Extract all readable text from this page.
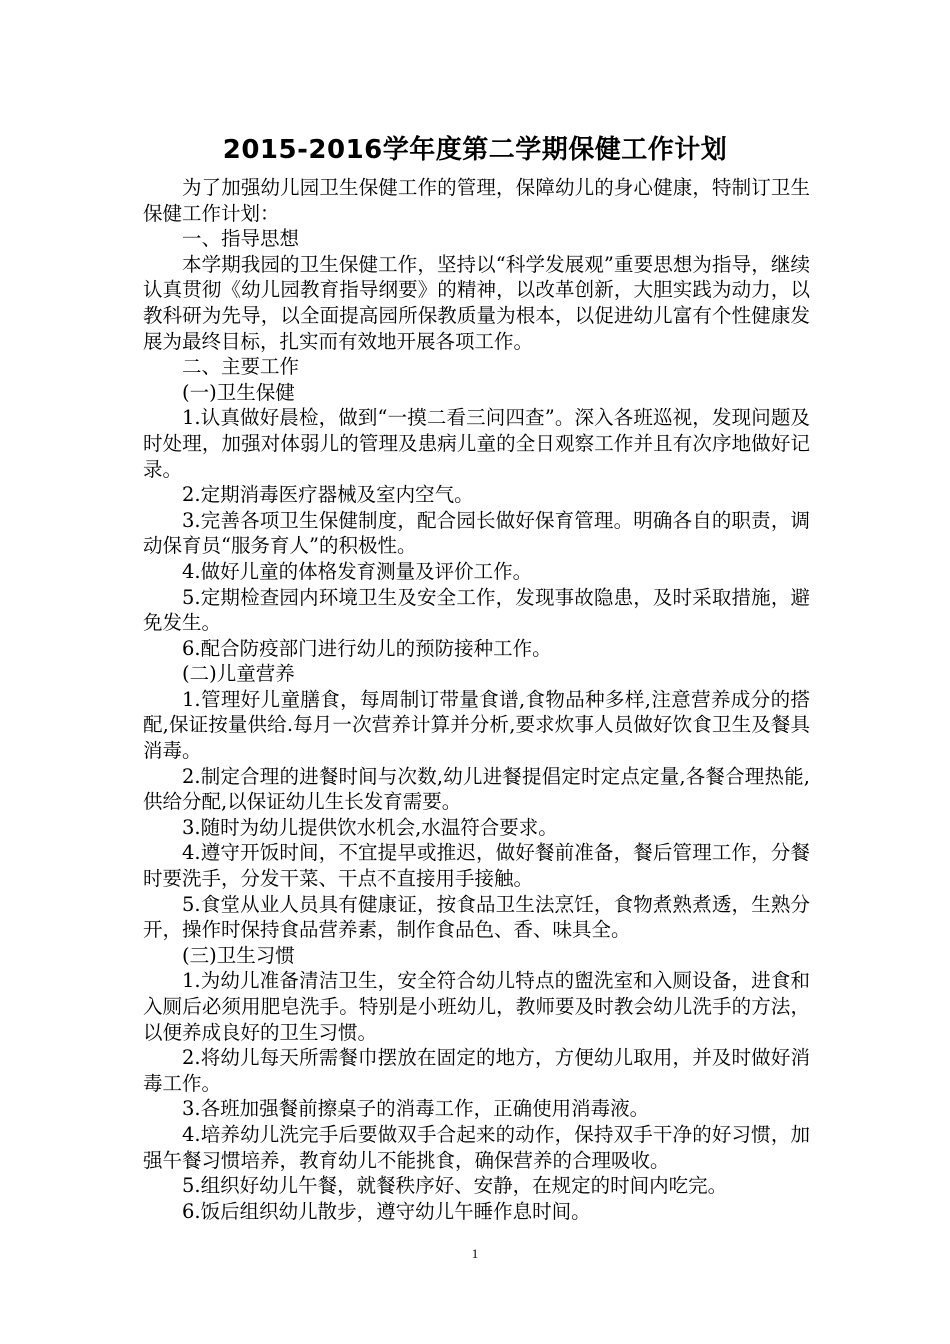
2015-2016学年度第二学期保健工作计划

为了加强幼儿园卫生保健工作的管理，保障幼儿的身心健康，特制订卫生保健工作计划：

一、指导思想

本学期我园的卫生保健工作，坚持以“科学发展观”重要思想为指导，继续认真贯彻《幼儿园教育指导纲要》的精神，以改革创新，大胆实践为动力，以教科研为先导，以全面提高园所保教质量为根本，以促进幼儿富有个性健康发展为最终目标，扎实而有效地开展各项工作。

二、主要工作

(一)卫生保健

1.认真做好晨检，做到“一摸二看三问四查”。深入各班巡视，发现问题及时处理，加强对体弱儿的管理及患病儿童的全日观察工作并且有次序地做好记录。

2.定期消毒医疗器械及室内空气。

3.完善各项卫生保健制度，配合园长做好保育管理。明确各自的职责，调动保育员“服务育人”的积极性。

4.做好儿童的体格发育测量及评价工作。

5.定期检查园内环境卫生及安全工作，发现事故隐患，及时采取措施，避免发生。

6.配合防疫部门进行幼儿的预防接种工作。

(二)儿童营养

1.管理好儿童膳食，每周制订带量食谱,食物品种多样,注意营养成分的搭配,保证按量供给.每月一次营养计算并分析,要求炊事人员做好饮食卫生及餐具消毒。

2.制定合理的进餐时间与次数,幼儿进餐提倡定时定点定量,各餐合理热能,供给分配,以保证幼儿生长发育需要。

3.随时为幼儿提供饮水机会,水温符合要求。

4.遵守开饭时间，不宜提早或推迟，做好餐前准备，餐后管理工作，分餐时要洗手，分发干菜、干点不直接用手接触。

5.食堂从业人员具有健康证，按食品卫生法烹饪，食物煮熟煮透，生熟分开，操作时保持食品营养素，制作食品色、香、味具全。

(三)卫生习惯

1.为幼儿准备清洁卫生，安全符合幼儿特点的盥洗室和入厕设备，进食和入厕后必须用肥皂洗手。特别是小班幼儿，教师要及时教会幼儿洗手的方法，以便养成良好的卫生习惯。

2.将幼儿每天所需餐巾摆放在固定的地方，方便幼儿取用，并及时做好消毒工作。

3.各班加强餐前擦桌子的消毒工作，正确使用消毒液。

4.培养幼儿洗完手后要做双手合起来的动作，保持双手干净的好习惯，加强午餐习惯培养，教育幼儿不能挑食，确保营养的合理吸收。

5.组织好幼儿午餐，就餐秩序好、安静，在规定的时间内吃完。

6.饭后组织幼儿散步，遵守幼儿午睡作息时间。

1
